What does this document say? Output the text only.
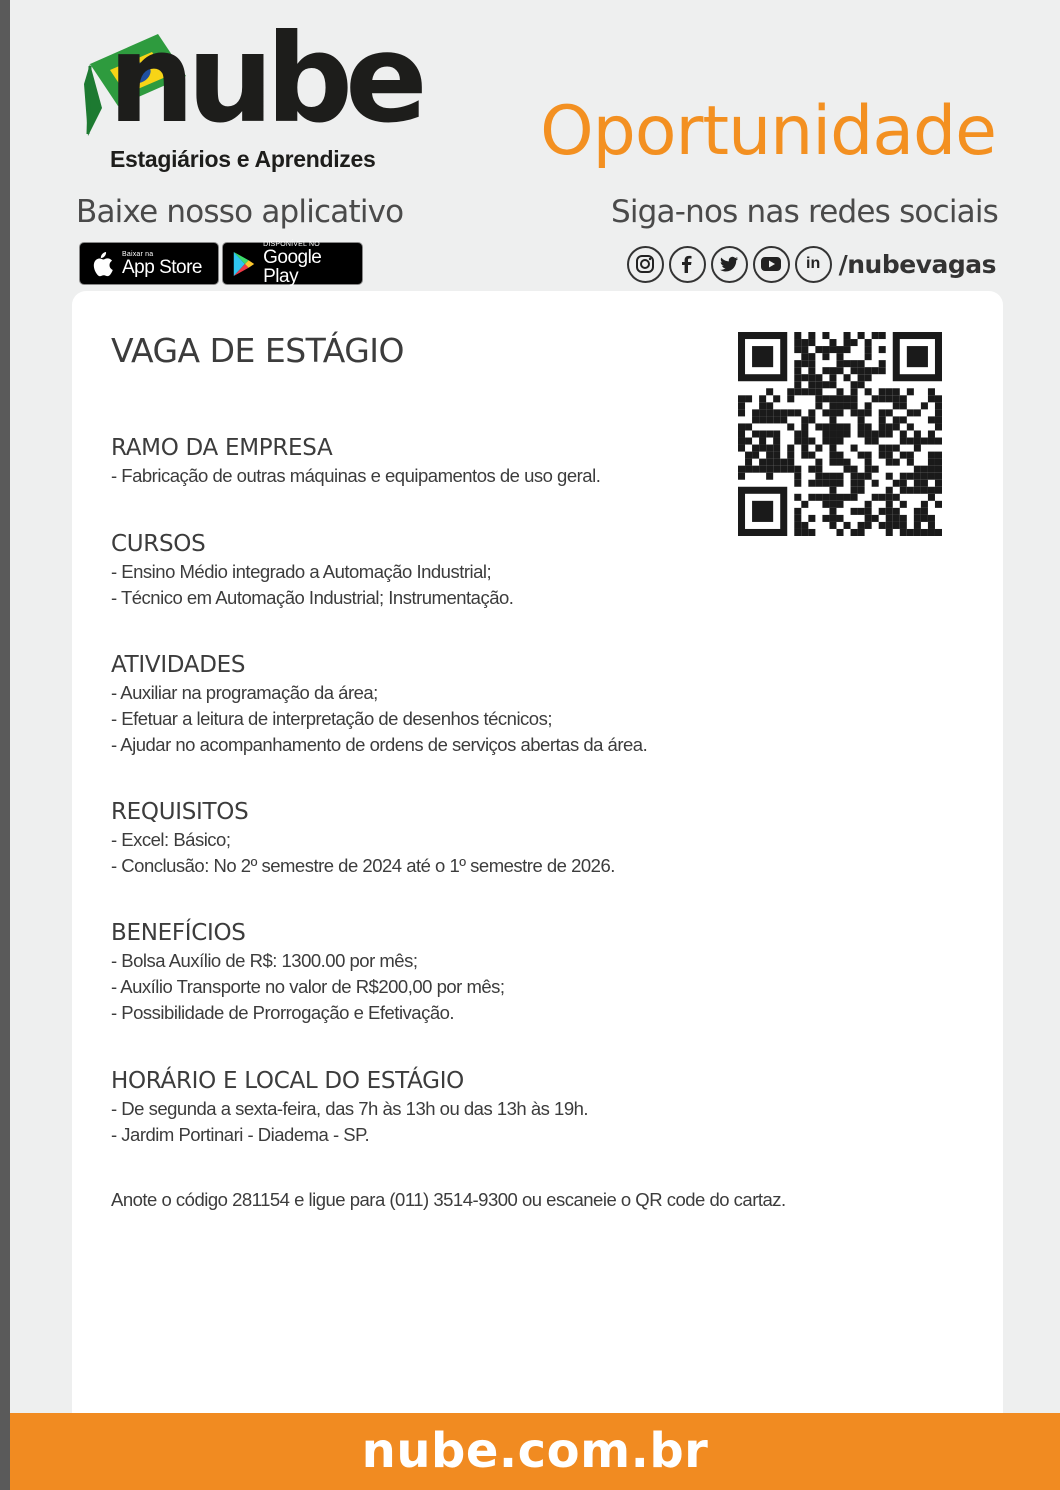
nube
Estagiários e Aprendizes Oportunidade
Baixe nosso aplicativo	Siga-nos nas redes sociais
Baixar na
App Store
DISPONÍVEL NO
Google Play
in /nubevagas
VAGA DE ESTÁGIO
RAMO DA EMPRESA
- Fabricação de outras máquinas e equipamentos de uso geral.
CURSOS
- Ensino Médio integrado a Automação Industrial;
- Técnico em Automação Industrial; Instrumentação.
ATIVIDADES
- Auxiliar na programação da área;
- Efetuar a leitura de interpretação de desenhos técnicos;
- Ajudar no acompanhamento de ordens de serviços abertas da área.
REQUISITOS
- Excel: Básico;
- Conclusão: No 2º semestre de 2024 até o 1º semestre de 2026.
BENEFÍCIOS
- Bolsa Auxílio de R$: 1300.00 por mês;
- Auxílio Transporte no valor de R$200,00 por mês;
- Possibilidade de Prorrogação e Efetivação.
HORÁRIO E LOCAL DO ESTÁGIO
- De segunda a sexta-feira, das 7h às 13h ou das 13h às 19h.
- Jardim Portinari - Diadema - SP.
Anote o código 281154 e ligue para (011) 3514-9300 ou escaneie o QR code do cartaz.
nube.com.br
